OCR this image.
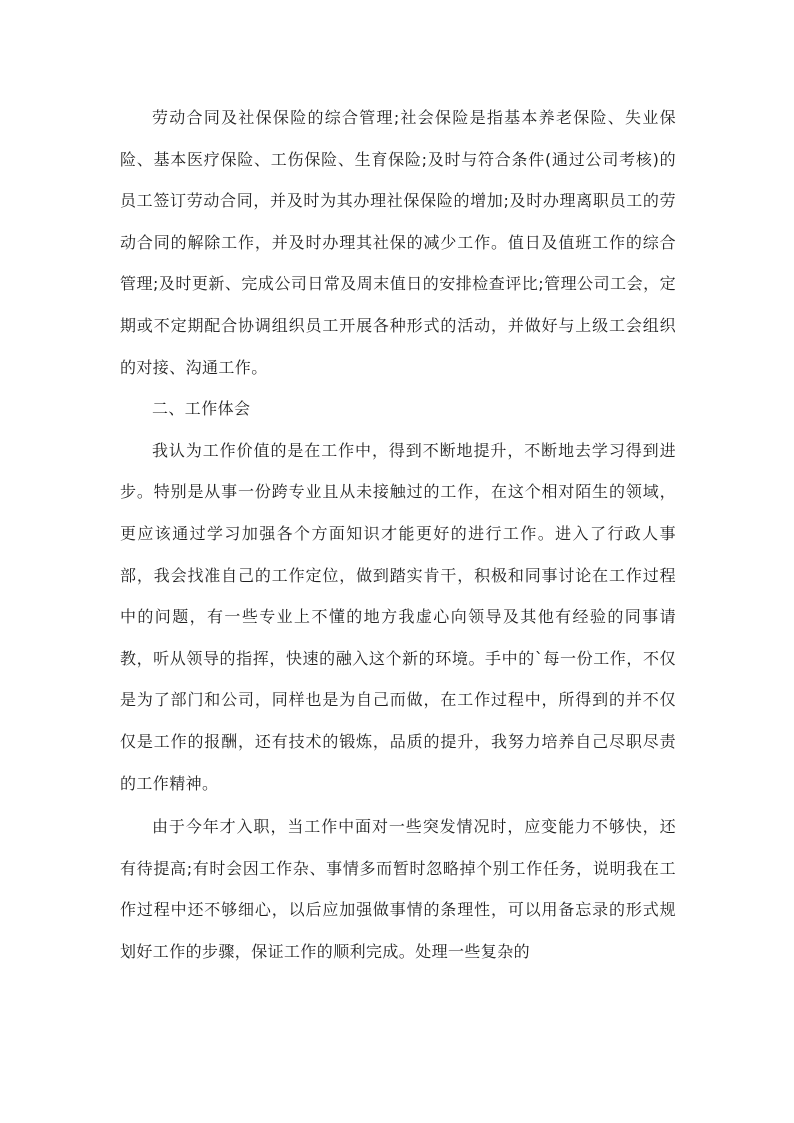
劳动合同及社保保险的综合管理;社会保险是指基本养老保险、失业保险、基本医疗保险、工伤保险、生育保险;及时与符合条件(通过公司考核)的员工签订劳动合同，并及时为其办理社保保险的增加;及时办理离职员工的劳动合同的解除工作，并及时办理其社保的减少工作。值日及值班工作的综合管理;及时更新、完成公司日常及周末值日的安排检查评比;管理公司工会，定期或不定期配合协调组织员工开展各种形式的活动，并做好与上级工会组织的对接、沟通工作。

二、工作体会

我认为工作价值的是在工作中，得到不断地提升，不断地去学习得到进步。特别是从事一份跨专业且从未接触过的工作，在这个相对陌生的领域，更应该通过学习加强各个方面知识才能更好的进行工作。进入了行政人事部，我会找准自己的工作定位，做到踏实肯干，积极和同事讨论在工作过程中的问题，有一些专业上不懂的地方我虚心向领导及其他有经验的同事请教，听从领导的指挥，快速的融入这个新的环境。手中的`每一份工作，不仅是为了部门和公司，同样也是为自己而做，在工作过程中，所得到的并不仅仅是工作的报酬，还有技术的锻炼，品质的提升，我努力培养自己尽职尽责的工作精神。

由于今年才入职，当工作中面对一些突发情况时，应变能力不够快，还有待提高;有时会因工作杂、事情多而暂时忽略掉个别工作任务，说明我在工作过程中还不够细心，以后应加强做事情的条理性，可以用备忘录的形式规划好工作的步骤，保证工作的顺利完成。处理一些复杂的
